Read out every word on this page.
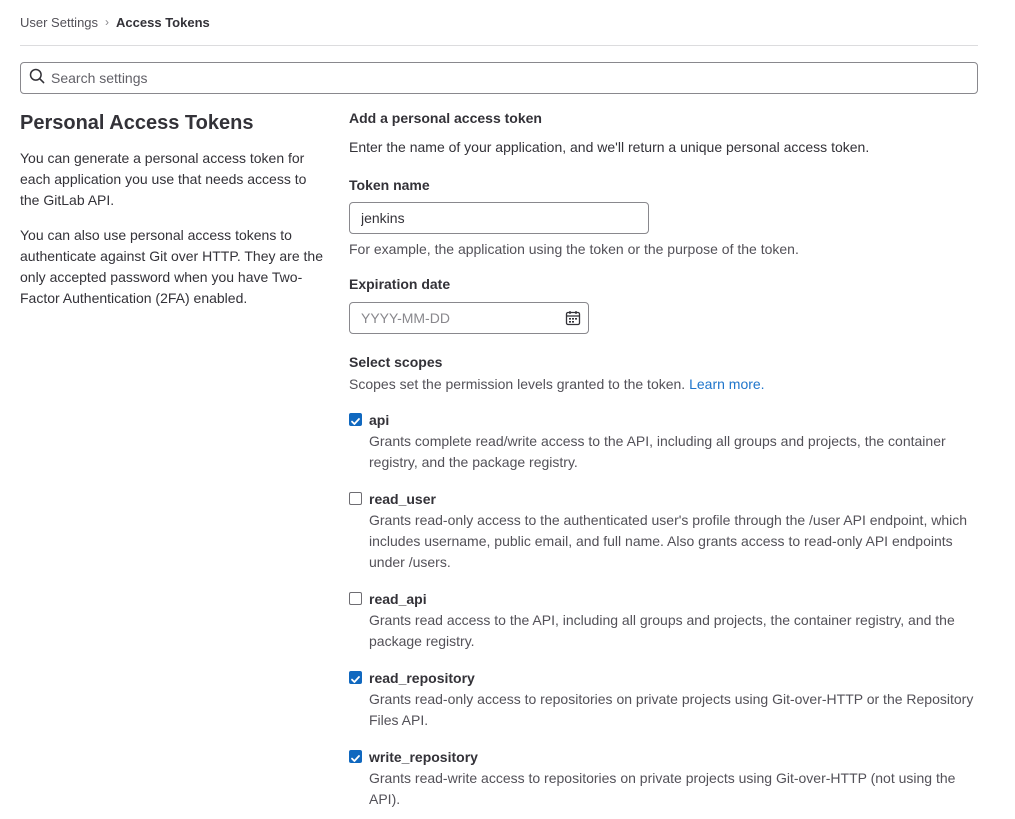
User Settings › Access Tokens
Search settings
Personal Access Tokens

You can generate a personal access token for each application you use that needs access to the GitLab API.

You can also use personal access tokens to authenticate against Git over HTTP. They are the only accepted password when you have Two-Factor Authentication (2FA) enabled.

Add a personal access token

Enter the name of your application, and we'll return a unique personal access token.

Token name
jenkins

For example, the application using the token or the purpose of the token.

Expiration date
YYYY-MM-DD
Select scopes

Scopes set the permission levels granted to the token. Learn more.

api
Grants complete read/write access to the API, including all groups and projects, the container registry, and the package registry.
read_user
Grants read-only access to the authenticated user's profile through the /user API endpoint, which includes username, public email, and full name. Also grants access to read-only API endpoints under /users.
read_api
Grants read access to the API, including all groups and projects, the container registry, and the package registry.
read_repository
Grants read-only access to repositories on private projects using Git-over-HTTP or the Repository Files API.
write_repository
Grants read-write access to repositories on private projects using Git-over-HTTP (not using the API).
